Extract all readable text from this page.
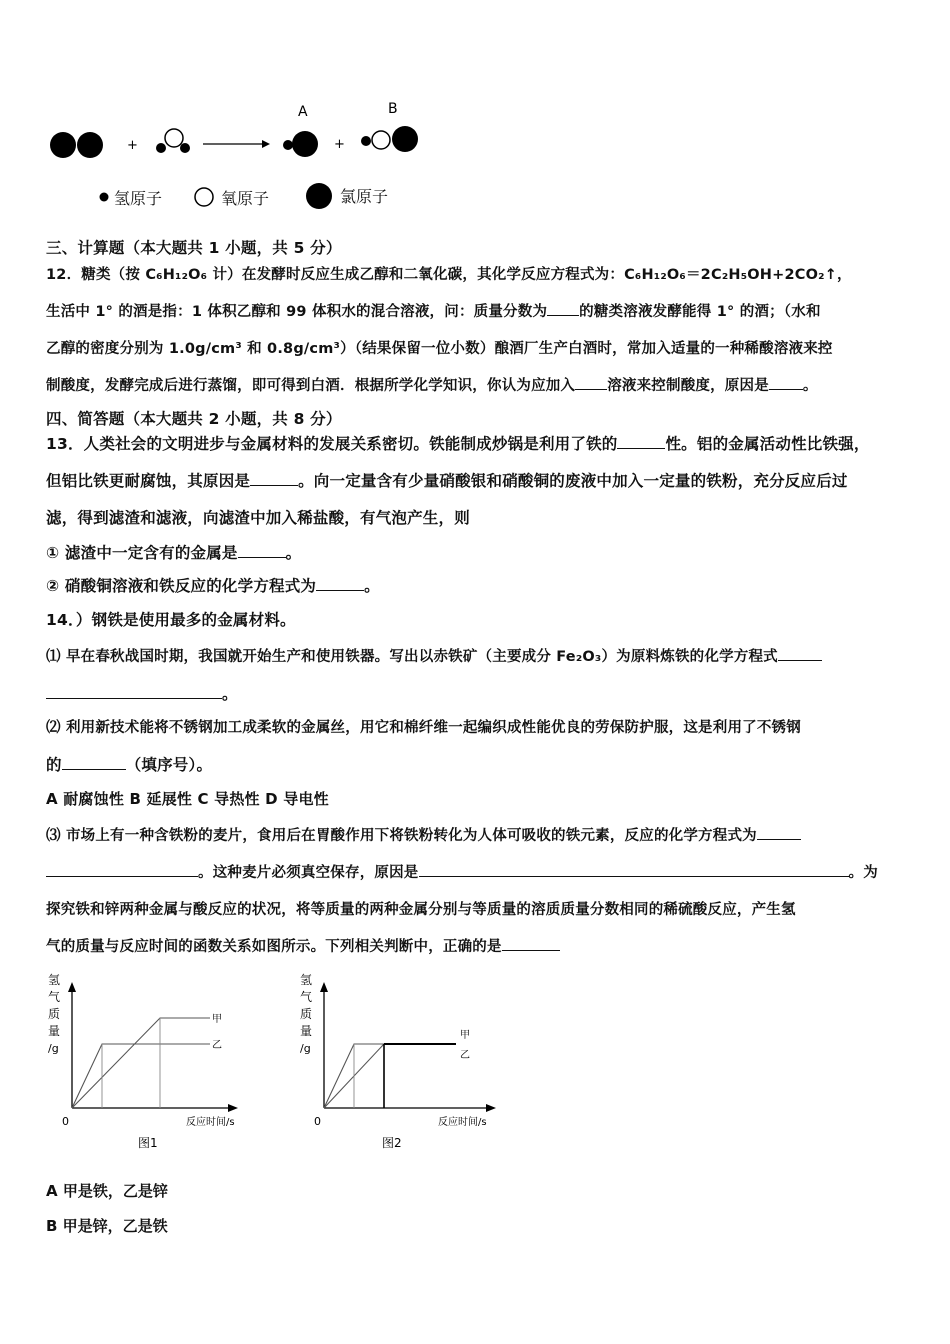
+
A
+
B
氢原子	氧原子	氯原子
三、计算题（本大题共 1 小题，共 5 分）
12．糖类（按 C₆H₁₂O₆ 计）在发酵时反应生成乙醇和二氧化碳，其化学反应方程式为：C₆H₁₂O₆＝2C₂H₅OH+2CO₂↑，
生活中 1° 的酒是指：1 体积乙醇和 99 体积水的混合溶液，问：质量分数为 的糖类溶液发酵能得 1° 的酒；（水和
乙醇的密度分别为 1.0g/cm³ 和 0.8g/cm³）（结果保留一位小数）酿酒厂生产白酒时，常加入适量的一种稀酸溶液来控
制酸度，发酵完成后进行蒸馏，即可得到白酒．根据所学化学知识，你认为应加入 溶液来控制酸度，原因是 。
四、简答题（本大题共 2 小题，共 8 分）
13．人类社会的文明进步与金属材料的发展关系密切。铁能制成炒锅是利用了铁的	性。铝的金属活动性比铁强，
但铝比铁更耐腐蚀，其原因是	。向一定量含有少量硝酸银和硝酸铜的废液中加入一定量的铁粉，充分反应后过
滤，得到滤渣和滤液，向滤渣中加入稀盐酸，有气泡产生，则
① 滤渣中一定含有的金属是	。
② 硝酸铜溶液和铁反应的化学方程式为	。
14．）钢铁是使用最多的金属材料。
⑴ 早在春秋战国时期，我国就开始生产和使用铁器。写出以赤铁矿（主要成分 Fe₂O₃）为原料炼铁的化学方程式
。
⑵ 利用新技术能将不锈钢加工成柔软的金属丝，用它和棉纤维一起编织成性能优良的劳保防护服，这是利用了不锈钢
的	（填序号）。
A 耐腐蚀性 B 延展性 C 导热性 D 导电性
⑶ 市场上有一种含铁粉的麦片，食用后在胃酸作用下将铁粉转化为人体可吸收的铁元素，反应的化学方程式为
。这种麦片必须真空保存，原因是	。为
探究铁和锌两种金属与酸反应的状况，将等质量的两种金属分别与等质量的溶质质量分数相同的稀硫酸反应，产生氢
气的质量与反应时间的函数关系如图所示。下列相关判断中，正确的是
氢
气
质
量
/g
甲
乙
0	反应时间/s
图1
氢
气
质
量
/g
甲
乙
0	反应时间/s
图2
A 甲是铁，乙是锌
B 甲是锌，乙是铁
